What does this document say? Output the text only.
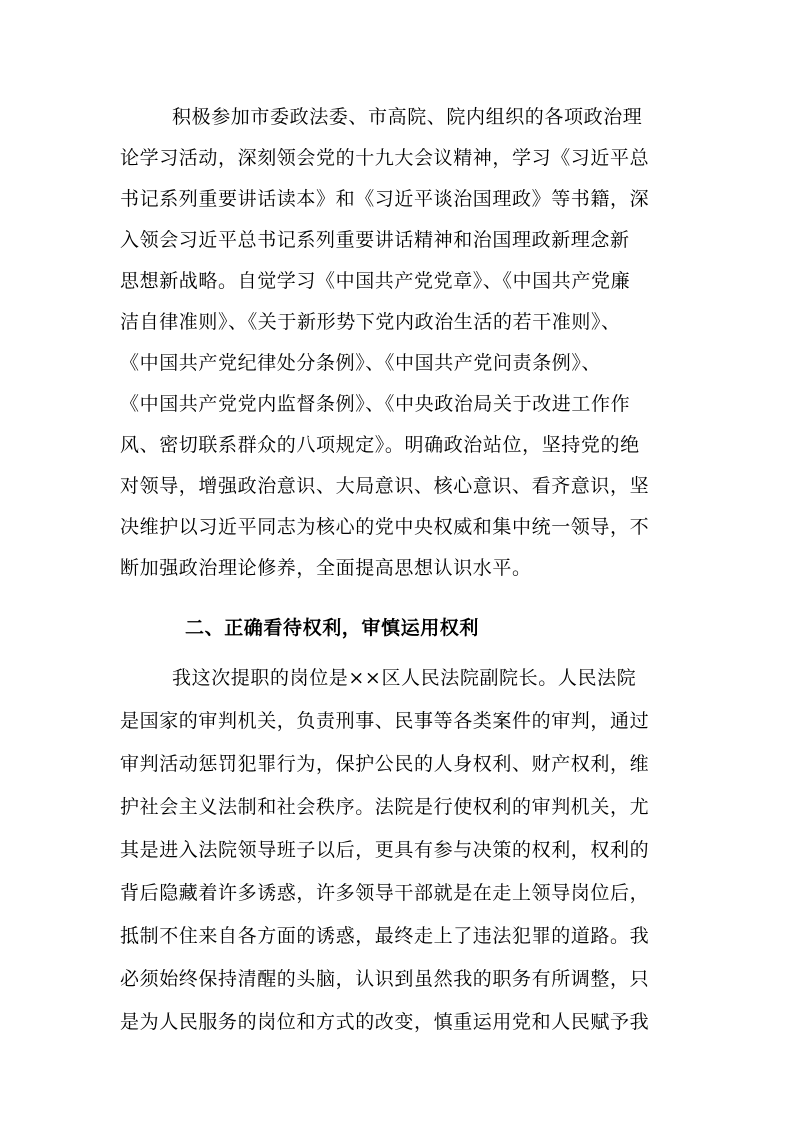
积极参加市委政法委、市高院、院内组织的各项政治理
论学习活动，深刻领会党的十九大会议精神，学习《习近平总
书记系列重要讲话读本》和《习近平谈治国理政》等书籍，深
入领会习近平总书记系列重要讲话精神和治国理政新理念新
思想新战略。自觉学习《中国共产党党章》、《中国共产党廉
洁自律准则》、《关于新形势下党内政治生活的若干准则》、
《中国共产党纪律处分条例》、《中国共产党问责条例》、
《中国共产党党内监督条例》、《中央政治局关于改进工作作
风、密切联系群众的八项规定》。明确政治站位，坚持党的绝
对领导，增强政治意识、大局意识、核心意识、看齐意识，坚
决维护以习近平同志为核心的党中央权威和集中统一领导，不
断加强政治理论修养，全面提高思想认识水平。
二、正确看待权利，审慎运用权利
我这次提职的岗位是××区人民法院副院长。人民法院
是国家的审判机关，负责刑事、民事等各类案件的审判，通过
审判活动惩罚犯罪行为，保护公民的人身权利、财产权利，维
护社会主义法制和社会秩序。法院是行使权利的审判机关，尤
其是进入法院领导班子以后，更具有参与决策的权利，权利的
背后隐藏着许多诱惑，许多领导干部就是在走上领导岗位后，
抵制不住来自各方面的诱惑，最终走上了违法犯罪的道路。我
必须始终保持清醒的头脑，认识到虽然我的职务有所调整，只
是为人民服务的岗位和方式的改变，慎重运用党和人民赋予我
